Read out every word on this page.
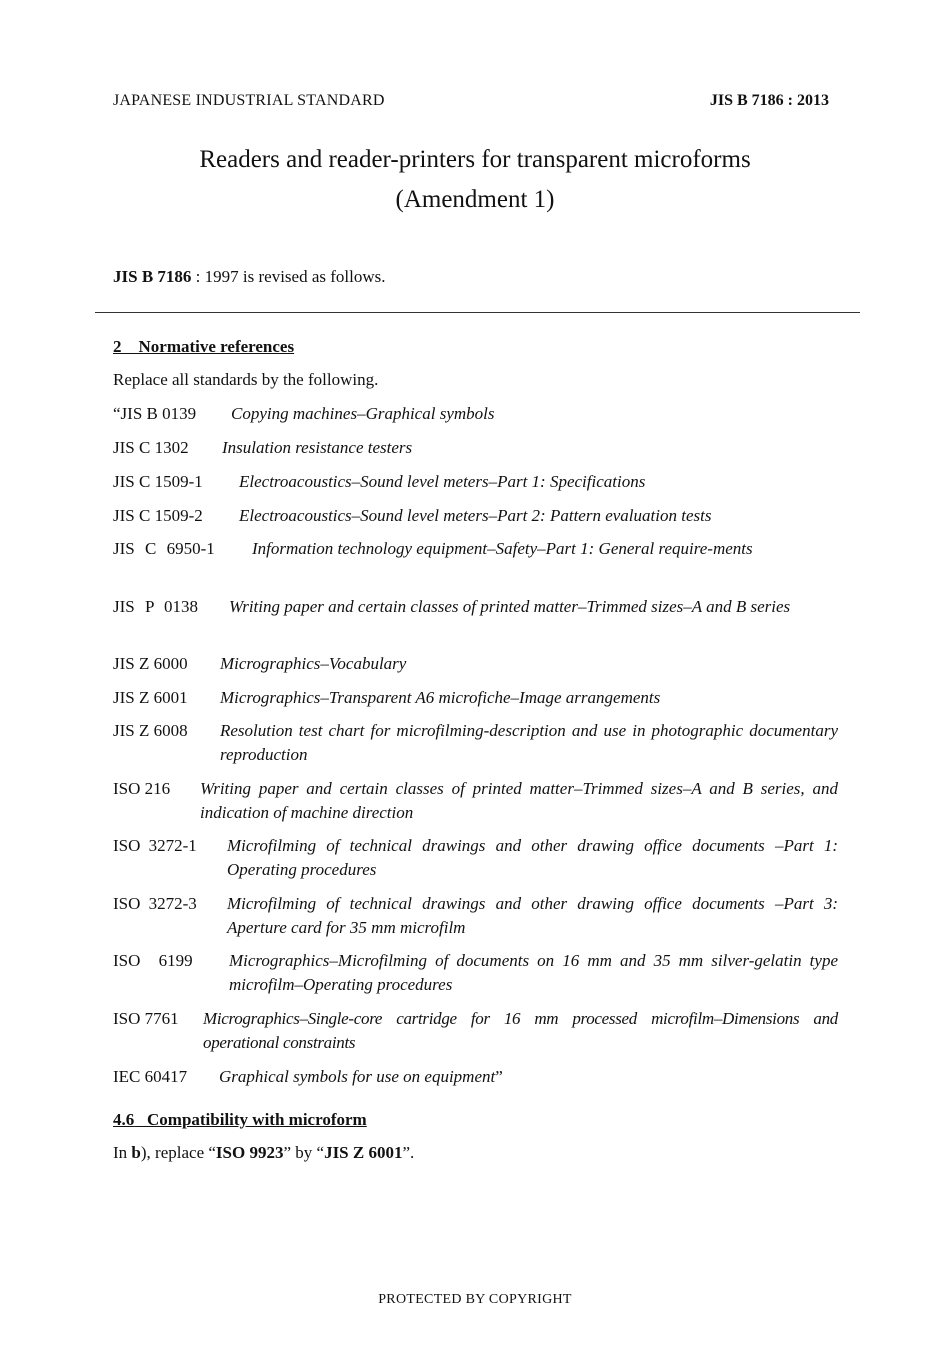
JAPANESE INDUSTRIAL STANDARD	JIS B 7186 : 2013
Readers and reader-printers for transparent microforms
(Amendment 1)
JIS B 7186 : 1997 is revised as follows.
2 Normative references
Replace all standards by the following.
“JIS B 0139	Copying machines–Graphical symbols
JIS C 1302	Insulation resistance testers
JIS C 1509-1	Electroacoustics–Sound level meters–Part 1: Specifications
JIS C 1509-2	Electroacoustics–Sound level meters–Part 2: Pattern evaluation tests
JIS C 6950-1	Information technology equipment–Safety–Part 1: General require-ments
JIS P 0138	Writing paper and certain classes of printed matter–Trimmed sizes–A and B series
JIS Z 6000	Micrographics–Vocabulary
JIS Z 6001	Micrographics–Transparent A6 microfiche–Image arrangements
JIS Z 6008	Resolution test chart for microfilming-description and use in photographic documentary reproduction
ISO 216	Writing paper and certain classes of printed matter–Trimmed sizes–A and B series, and indication of machine direction
ISO 3272-1	Microfilming of technical drawings and other drawing office documents –Part 1: Operating procedures
ISO 3272-3	Microfilming of technical drawings and other drawing office documents –Part 3: Aperture card for 35 mm microfilm
ISO 6199	Micrographics–Microfilming of documents on 16 mm and 35 mm silver-gelatin type microfilm–Operating procedures
ISO 7761	Micrographics–Single-core cartridge for 16 mm processed microfilm–Dimensions and operational constraints
IEC 60417	Graphical symbols for use on equipment ”
4.6 Compatibility with microform
In b), replace “ISO 9923” by “JIS Z 6001”.
PROTECTED BY COPYRIGHT
